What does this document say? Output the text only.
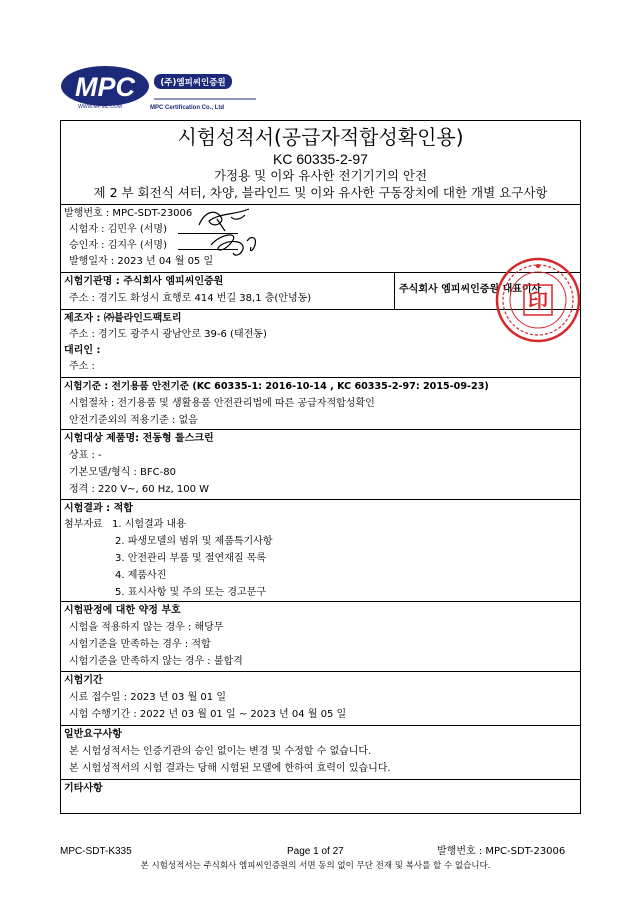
MPC
WWW.MP.MZ.COM
(주)엠피씨인증원
MPC Certification Co., Ltd
시험성적서(공급자적합성확인용)
KC 60335-2-97
가정용 및 이와 유사한 전기기기의 안전
제 2 부 회전식 셔터, 차양, 블라인드 및 이와 유사한 구동장치에 대한 개별 요구사항
발행번호 : MPC-SDT-23006
시험자 : 김민우 (서명)
승인자 : 김지우 (서명)
발행일자 : 2023 년 04 월 05 일
시험기관명 : 주식회사 엠피씨인증원
주소 : 경기도 화성시 효행로 414 번길 38,1 층(안녕동)
주식회사 엠피씨인증원 대표이사
제조자 : ㈜블라인드팩토리
주소 : 경기도 광주시 광남안로 39-6 (태전동)
대리인 :
주소 :
시험기준 : 전기용품 안전기준 (KC 60335-1: 2016-10-14 , KC 60335-2-97: 2015-09-23)
시험절차 : 전기용품 및 생활용품 안전관리법에 따른 공급자적합성확인
안전기준외의 적용기준 : 없음
시험대상 제품명: 전동형 롤스크린
상표 : -
기본모델/형식 : BFC-80
정격 : 220 V~, 60 Hz, 100 W
시험결과 : 적합
첨부자료 1. 시험결과 내용
2. 파생모델의 범위 및 제품특기사항
3. 안전관리 부품 및 절연재질 목록
4. 제품사진
5. 표시사항 및 주의 또는 경고문구
시험판정에 대한 약정 부호
시험을 적용하지 않는 경우 : 해당무
시험기준을 만족하는 경우 : 적합
시험기준을 만족하지 않는 경우 : 불합격
시험기간
시료 접수일 : 2023 년 03 월 01 일
시험 수행기간 : 2022 년 03 월 01 일 ~ 2023 년 04 월 05 일
일반요구사항
본 시험성적서는 인증기관의 승인 없이는 변경 및 수정할 수 없습니다.
본 시험성적서의 시험 결과는 당해 시험된 모델에 한하여 효력이 있습니다.
기타사항
印
MPC-SDT-K335	Page 1 of 27	발행번호 : MPC-SDT-23006
본 시험성적서는 주식회사 엠피씨인증원의 서면 동의 없이 무단 전재 및 복사를 할 수 없습니다.
